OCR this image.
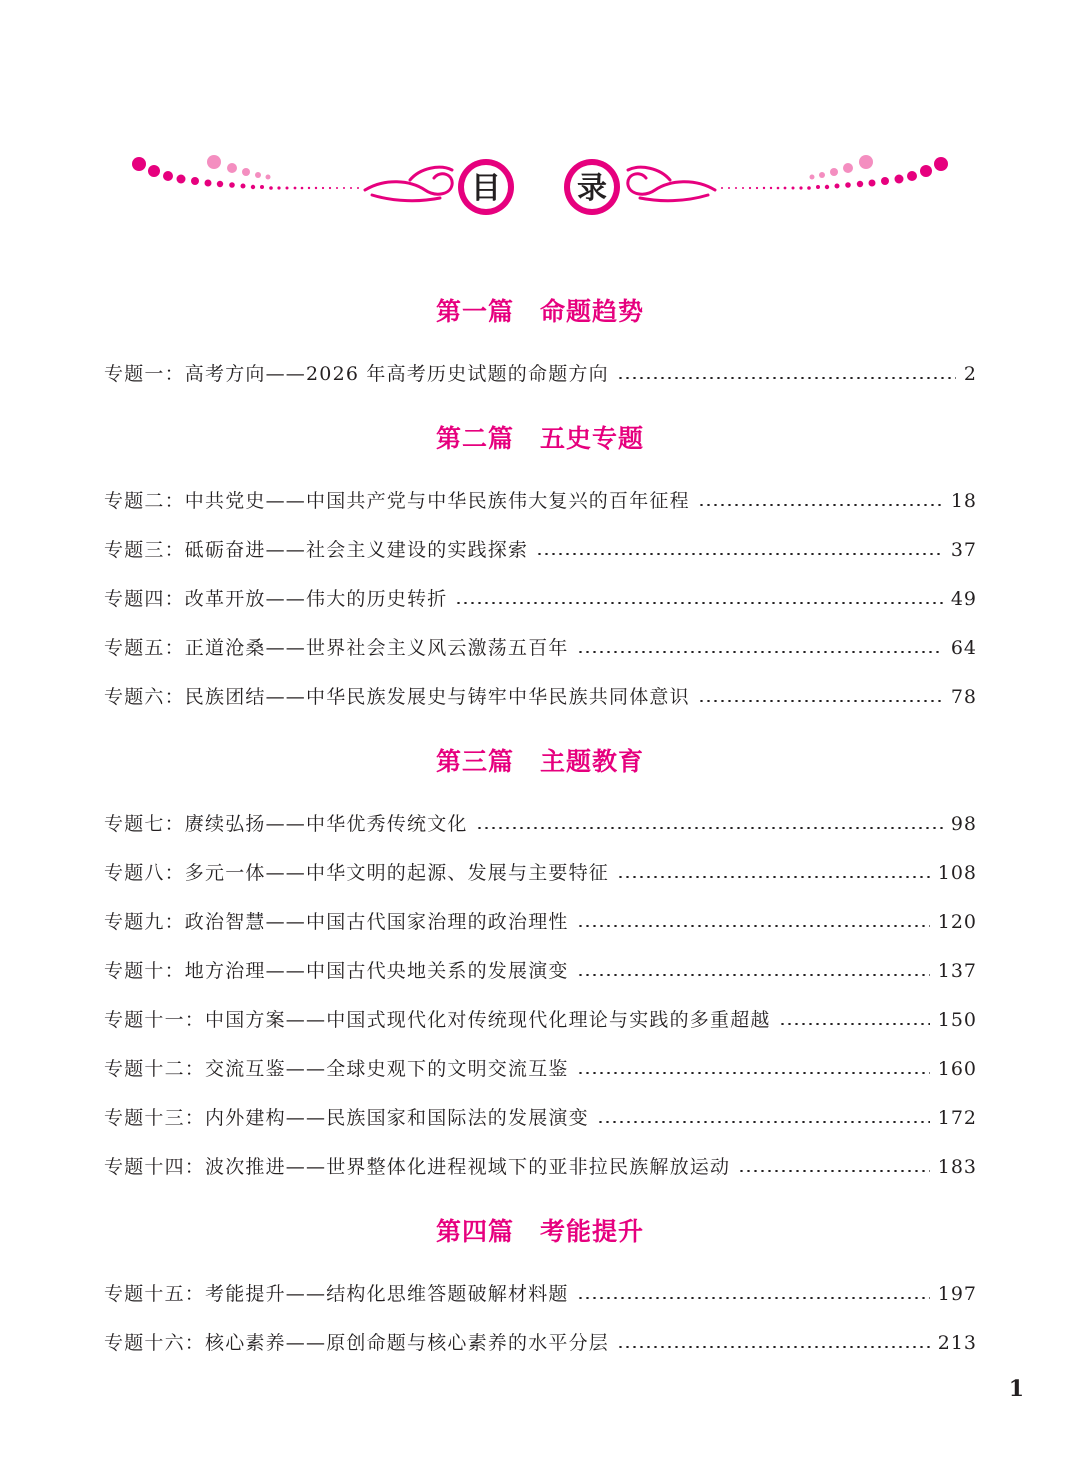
目	录
第一篇　命题趋势
专题一：高考方向——2026 年高考历史试题的命题方向	2
第二篇　五史专题
专题二：中共党史——中国共产党与中华民族伟大复兴的百年征程	18
专题三：砥砺奋进——社会主义建设的实践探索	37
专题四：改革开放——伟大的历史转折	49
专题五：正道沧桑——世界社会主义风云激荡五百年	64
专题六：民族团结——中华民族发展史与铸牢中华民族共同体意识	78
第三篇　主题教育
专题七：赓续弘扬——中华优秀传统文化	98
专题八：多元一体——中华文明的起源、发展与主要特征	108
专题九：政治智慧——中国古代国家治理的政治理性	120
专题十：地方治理——中国古代央地关系的发展演变	137
专题十一：中国方案——中国式现代化对传统现代化理论与实践的多重超越	150
专题十二：交流互鉴——全球史观下的文明交流互鉴	160
专题十三：内外建构——民族国家和国际法的发展演变	172
专题十四：波次推进——世界整体化进程视域下的亚非拉民族解放运动	183
第四篇　考能提升
专题十五：考能提升——结构化思维答题破解材料题	197
专题十六：核心素养——原创命题与核心素养的水平分层	213
1
